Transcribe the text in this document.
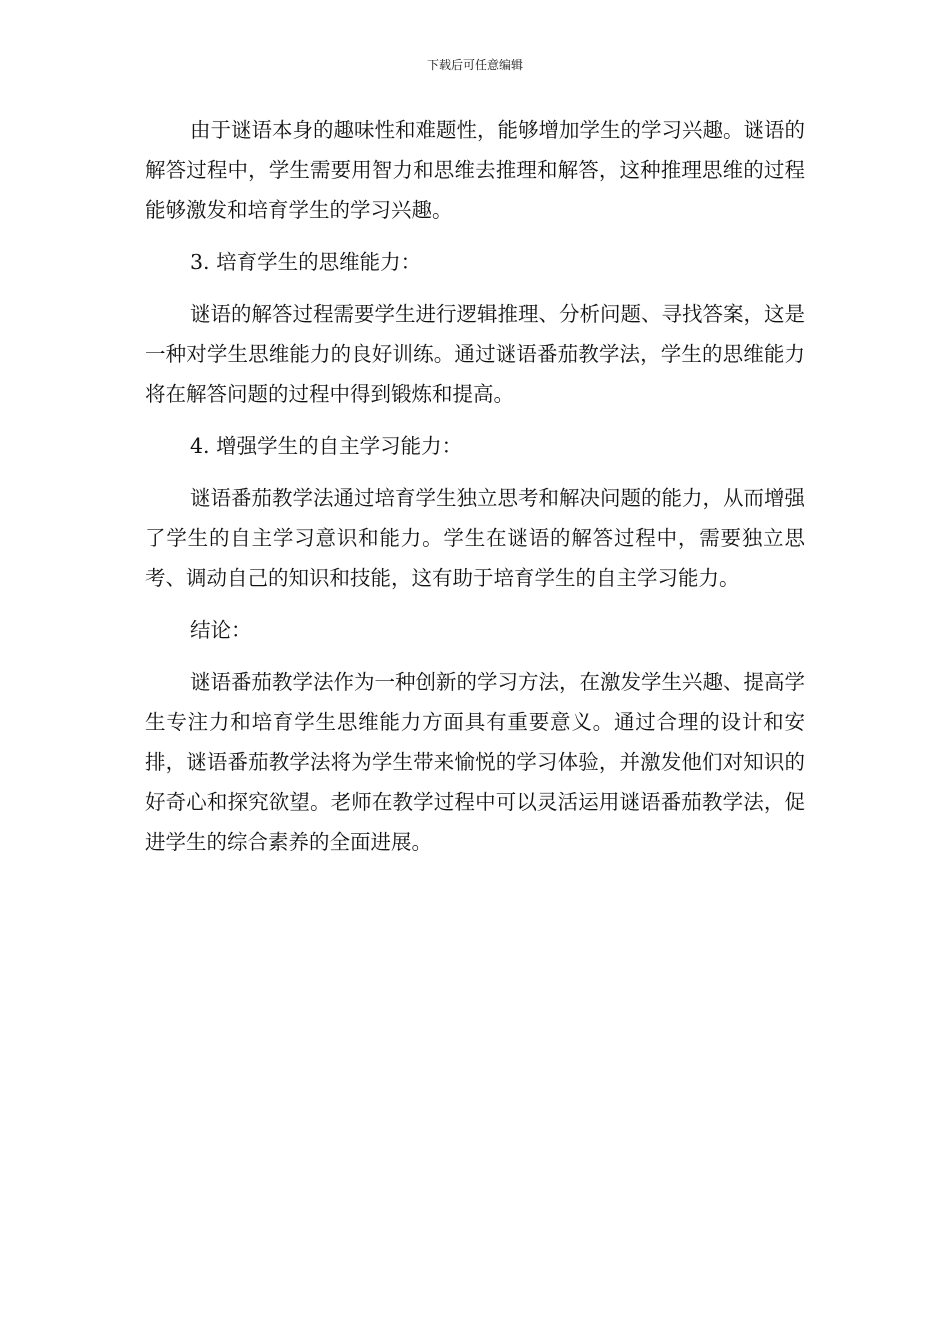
下载后可任意编辑

由于谜语本身的趣味性和难题性，能够增加学生的学习兴趣。谜语的解答过程中，学生需要用智力和思维去推理和解答，这种推理思维的过程能够激发和培育学生的学习兴趣。

3. 培育学生的思维能力：

谜语的解答过程需要学生进行逻辑推理、分析问题、寻找答案，这是一种对学生思维能力的良好训练。通过谜语番茄教学法，学生的思维能力将在解答问题的过程中得到锻炼和提高。

4. 增强学生的自主学习能力：

谜语番茄教学法通过培育学生独立思考和解决问题的能力，从而增强了学生的自主学习意识和能力。学生在谜语的解答过程中，需要独立思考、调动自己的知识和技能，这有助于培育学生的自主学习能力。

结论：

谜语番茄教学法作为一种创新的学习方法，在激发学生兴趣、提高学生专注力和培育学生思维能力方面具有重要意义。通过合理的设计和安排，谜语番茄教学法将为学生带来愉悦的学习体验，并激发他们对知识的好奇心和探究欲望。老师在教学过程中可以灵活运用谜语番茄教学法，促进学生的综合素养的全面进展。
